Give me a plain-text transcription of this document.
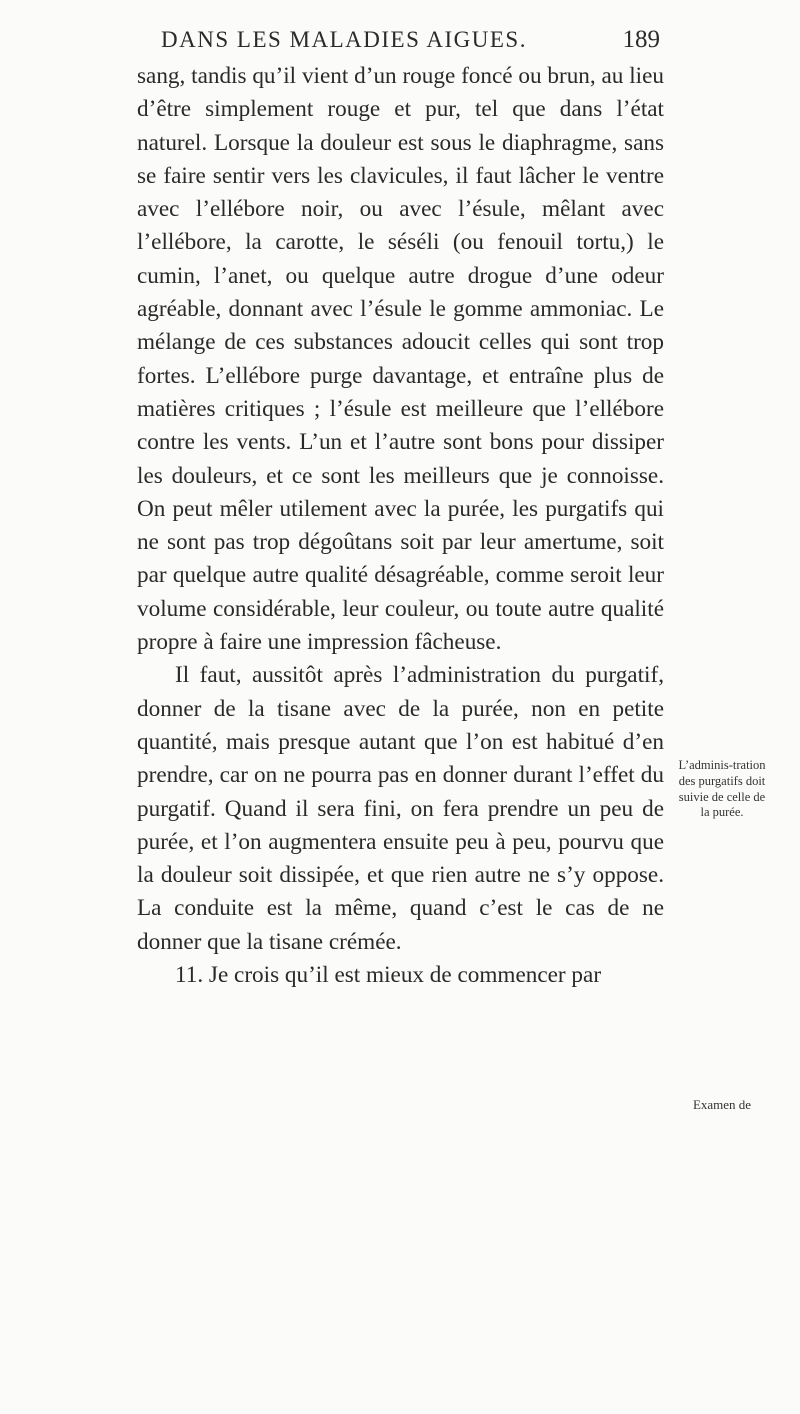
DANS LES MALADIES AIGUES.	189

sang, tandis qu’il vient d’un rouge foncé ou brun, au lieu d’être simplement rouge et pur, tel que dans l’état naturel. Lorsque la douleur est sous le diaphragme, sans se faire sentir vers les clavicules, il faut lâcher le ventre avec l’ellébore noir, ou avec l’ésule, mêlant avec l’ellébore, la carotte, le séséli (ou fenouil tortu,) le cumin, l’anet, ou quelque autre drogue d’une odeur agréable, donnant avec l’ésule le gomme ammoniac. Le mélange de ces substances adoucit celles qui sont trop fortes. L’ellébore purge davantage, et entraîne plus de matières critiques ; l’ésule est meilleure que l’ellébore contre les vents. L’un et l’autre sont bons pour dissiper les douleurs, et ce sont les meilleurs que je connoisse. On peut mêler utilement avec la purée, les purgatifs qui ne sont pas trop dégoûtans soit par leur amertume, soit par quelque autre qualité désagréable, comme seroit leur volume considérable, leur couleur, ou toute autre qualité propre à faire une impression fâcheuse.

Il faut, aussitôt après l’administration du purgatif, donner de la tisane avec de la purée, non en petite quantité, mais presque autant que l’on est habitué d’en prendre, car on ne pourra pas en donner durant l’effet du purgatif. Quand il sera fini, on fera prendre un peu de purée, et l’on augmentera ensuite peu à peu, pourvu que la douleur soit dissipée, et que rien autre ne s’y oppose. La conduite est la même, quand c’est le cas de ne donner que la tisane crémée.

11. Je crois qu’il est mieux de commencer par

L’adminis-tration des purgatifs doit suivie de celle de la purée.
Examen de
